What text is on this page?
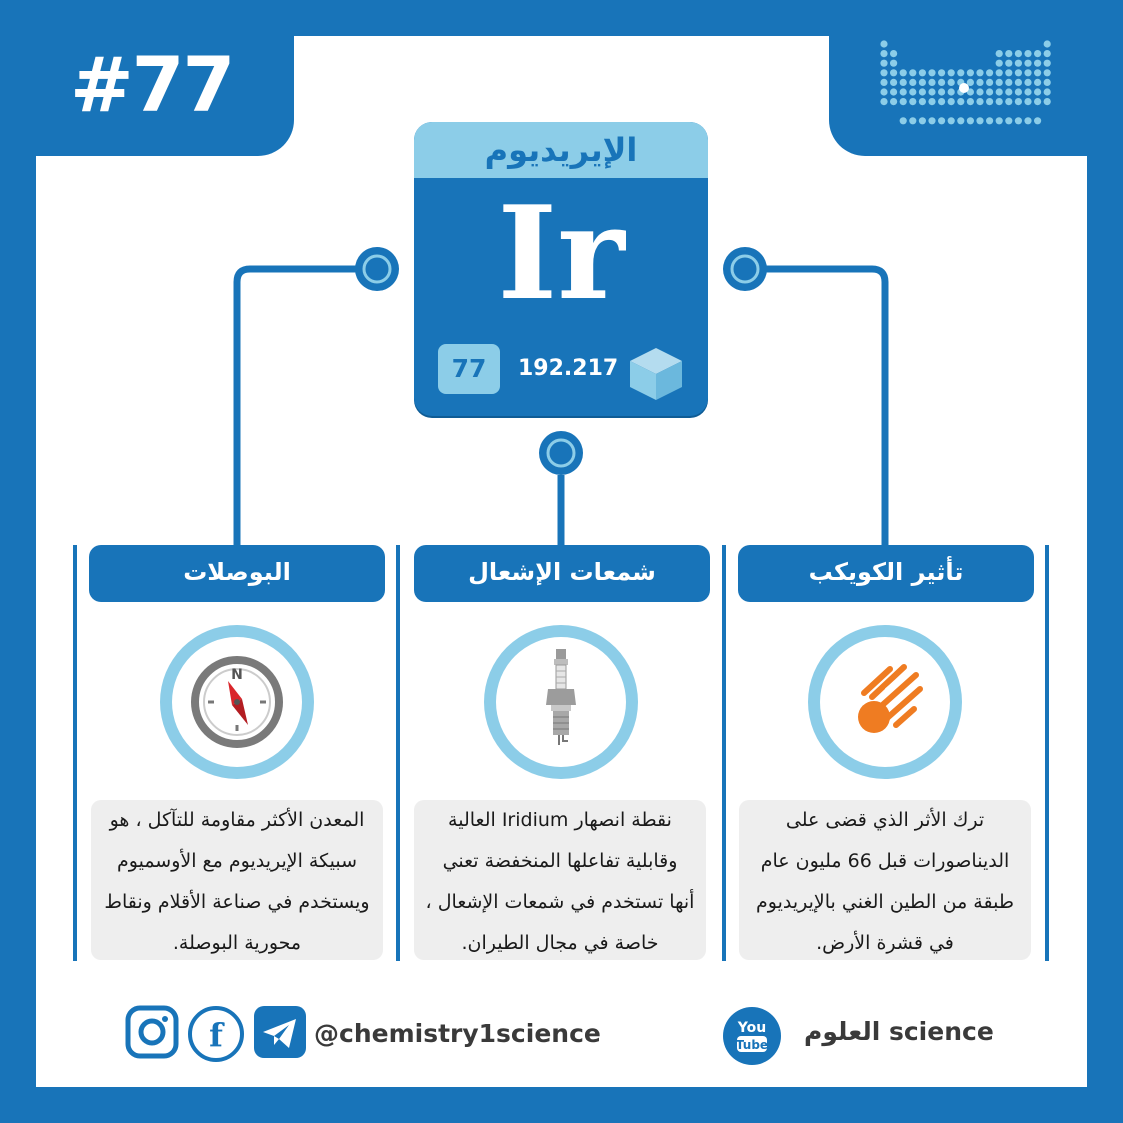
#77
الإيريديوم
Ir
77	192.217
البوصلات	شمعات الإشعال	تأثير الكويكب
N
المعدن الأكثر مقاومة للتآكل ، هو
سبيكة الإيريديوم مع الأوسميوم
ويستخدم في صناعة الأقلام ونقاط
محورية البوصلة.
نقطة انصهار Iridium العالية
وقابلية تفاعلها المنخفضة تعني
أنها تستخدم في شمعات الإشعال ،
خاصة في مجال الطيران.
ترك الأثر الذي قضى على
الديناصورات قبل 66 مليون عام
طبقة من الطين الغني بالإيريديوم
في قشرة الأرض.
f	@chemistry1science	You
Tube العلوم science
